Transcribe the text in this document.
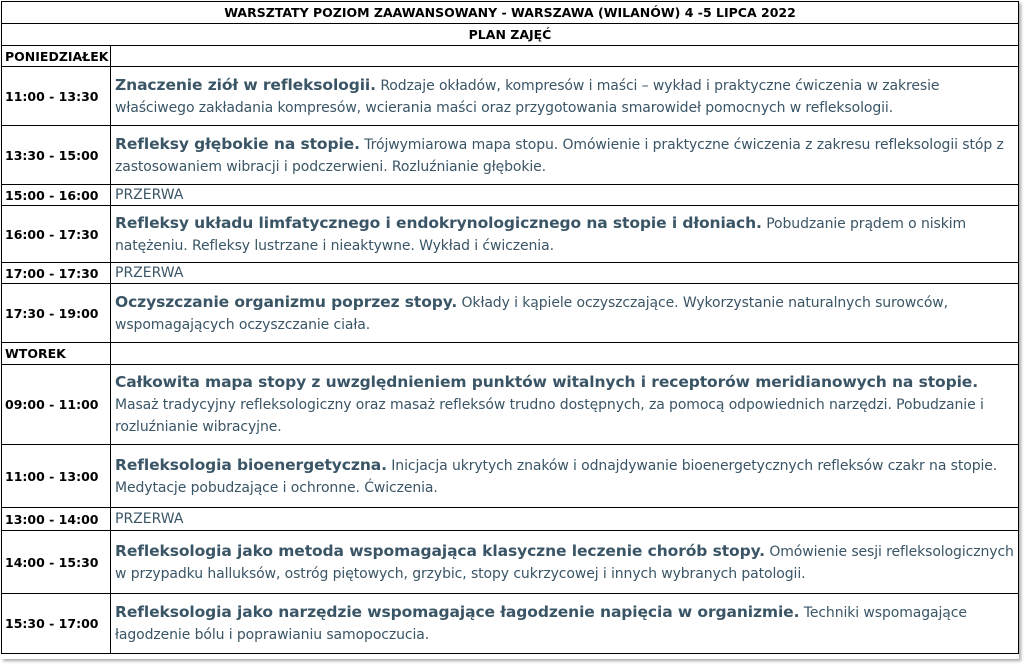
WARSZTATY POZIOM ZAAWANSOWANY - WARSZAWA (WILANÓW) 4 -5 LIPCA 2022	
PLAN ZAJĘĆ	
PONIEDZIAŁEK	
11:00 - 13:30	Znaczenie ziół w refleksologii. Rodzaje okładów, kompresów i maści – wykład i praktyczne ćwiczenia w zakresie właściwego zakładania kompresów, wcierania maści oraz przygotowania smarowideł pomocnych w refleksologii.
13:30 - 15:00	Refleksy głębokie na stopie. Trójwymiarowa mapa stopu. Omówienie i praktyczne ćwiczenia z zakresu refleksologii stóp z zastosowaniem wibracji i podczerwieni. Rozluźnianie głębokie.
15:00 - 16:00	PRZERWA
16:00 - 17:30	Refleksy układu limfatycznego i endokrynologicznego na stopie i dłoniach. Pobudzanie prądem o niskim natężeniu. Refleksy lustrzane i nieaktywne. Wykład i ćwiczenia.
17:00 - 17:30	PRZERWA
17:30 - 19:00	Oczyszczanie organizmu poprzez stopy. Okłady i kąpiele oczyszczające. Wykorzystanie naturalnych surowców, wspomagających oczyszczanie ciała.
WTOREK	
09:00 - 11:00	Całkowita mapa stopy z uwzględnieniem punktów witalnych i receptorów meridianowych na stopie. Masaż tradycyjny refleksologiczny oraz masaż refleksów trudno dostępnych, za pomocą odpowiednich narzędzi. Pobudzanie i rozluźnianie wibracyjne.
11:00 - 13:00	Refleksologia bioenergetyczna. Inicjacja ukrytych znaków i odnajdywanie bioenergetycznych refleksów czakr na stopie. Medytacje pobudzające i ochronne. Ćwiczenia.
13:00 - 14:00	PRZERWA
14:00 - 15:30	Refleksologia jako metoda wspomagająca klasyczne leczenie chorób stopy. Omówienie sesji refleksologicznych w przypadku halluksów, ostróg piętowych, grzybic, stopy cukrzycowej i innych wybranych patologii.
15:30 - 17:00	Refleksologia jako narzędzie wspomagające łagodzenie napięcia w organizmie. Techniki wspomagające łagodzenie bólu i poprawianiu samopoczucia.
